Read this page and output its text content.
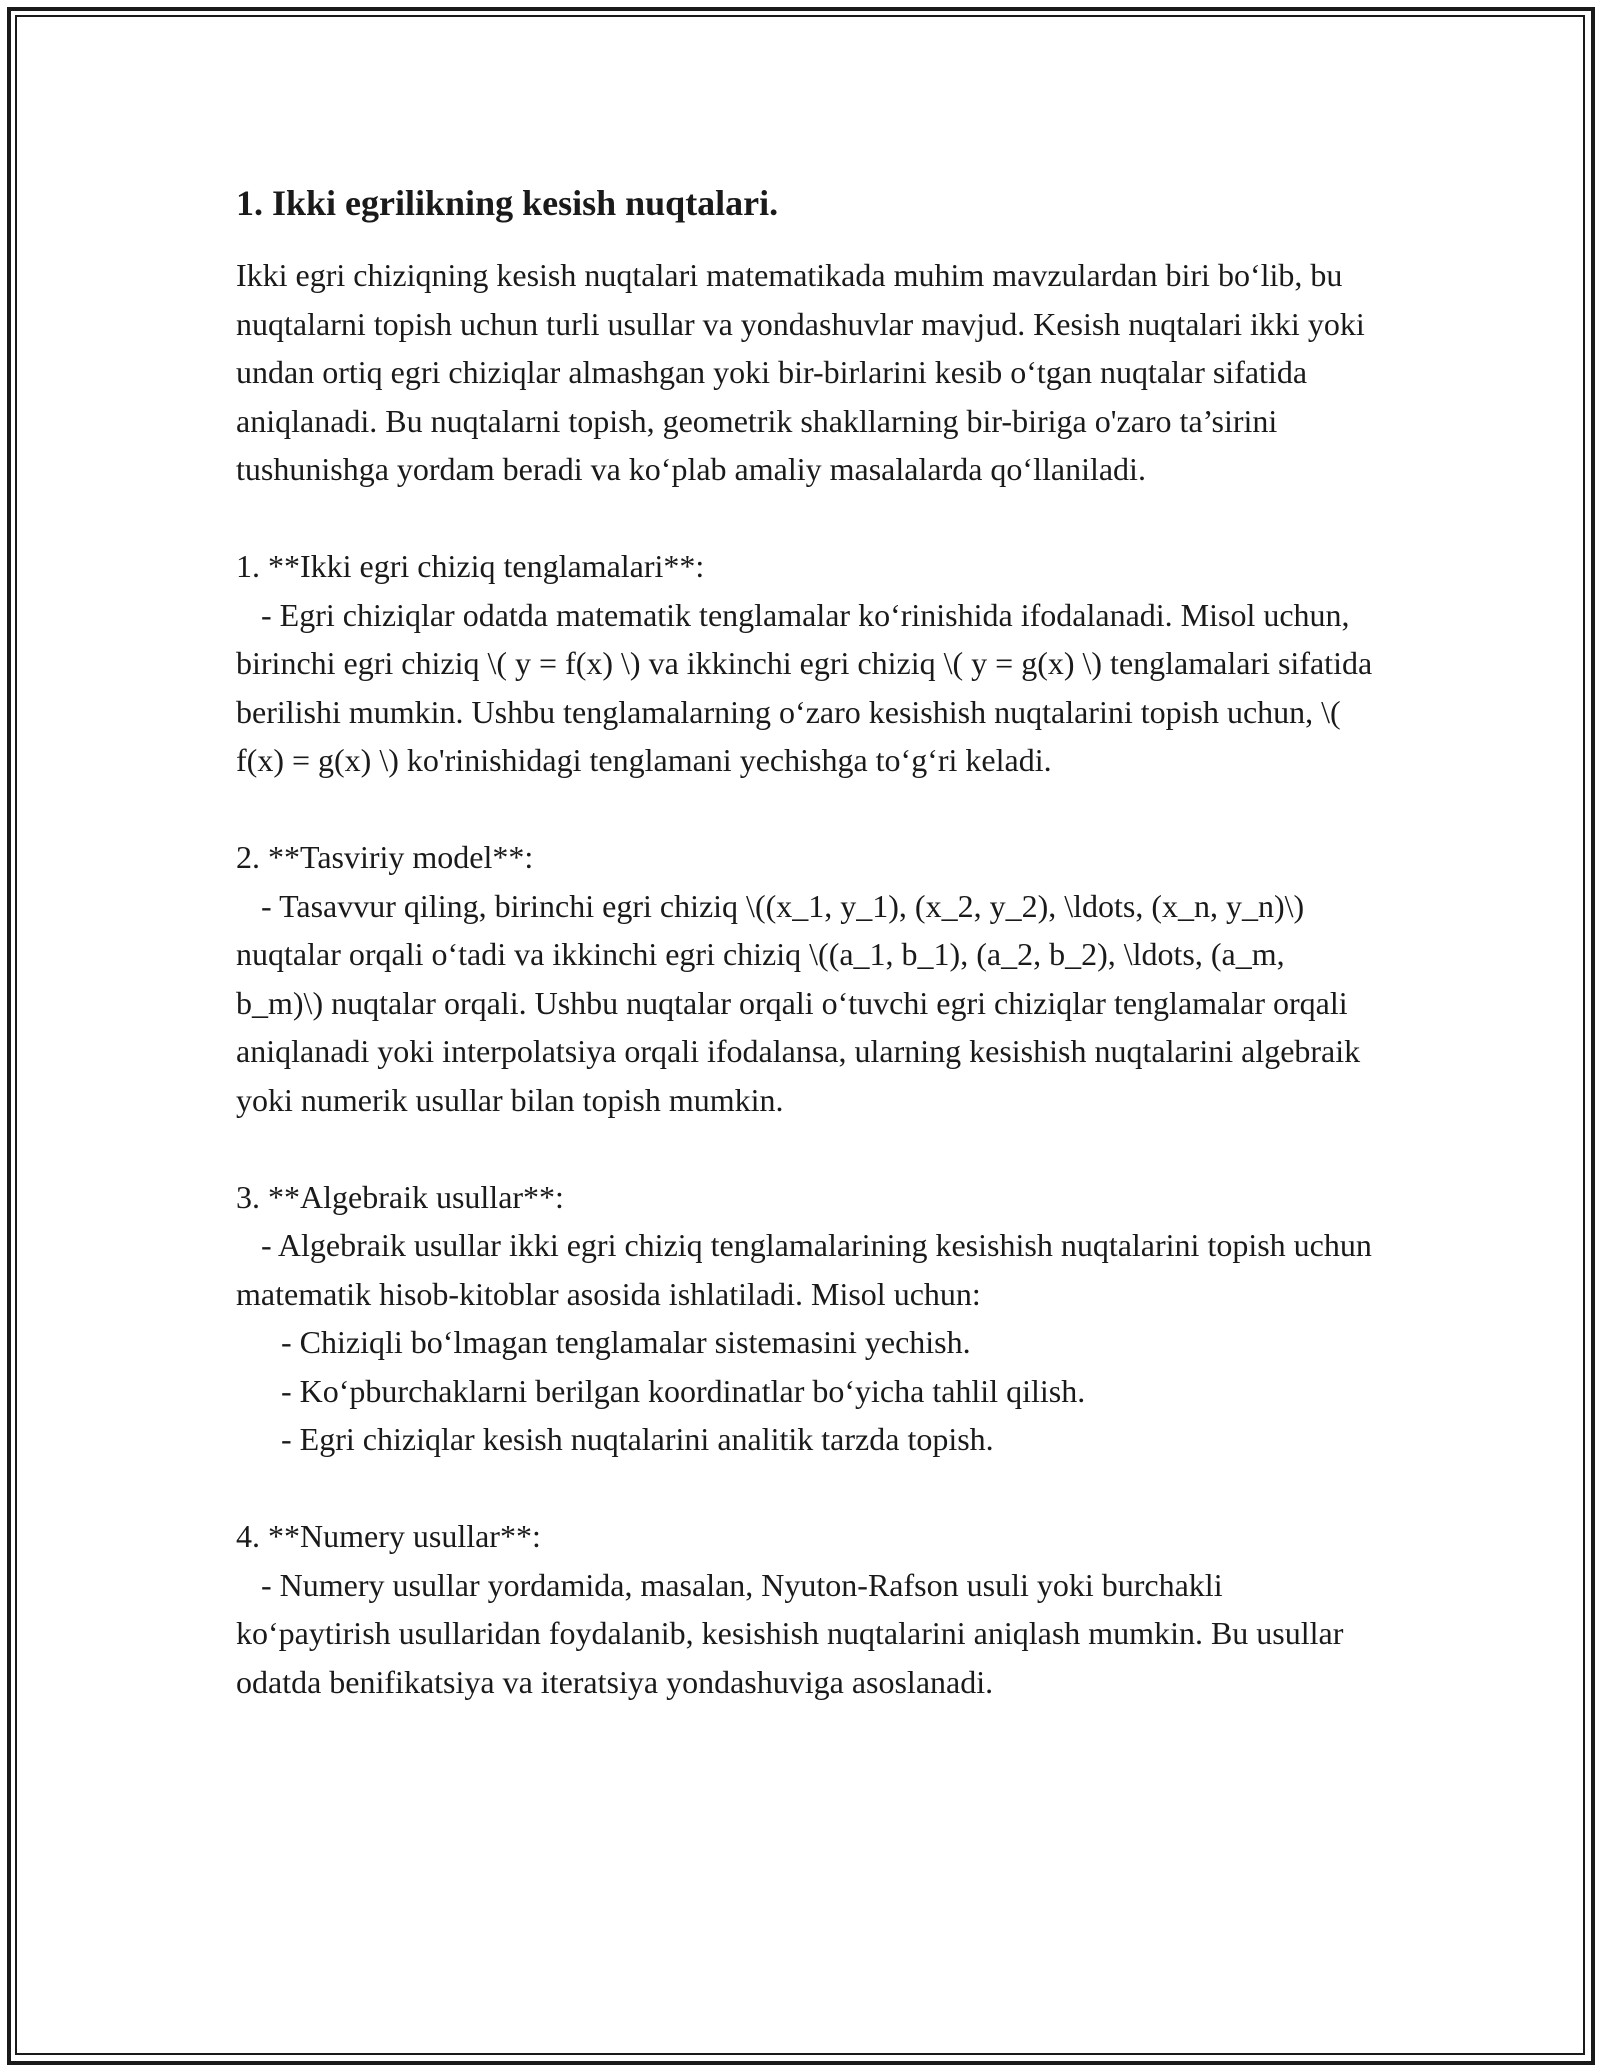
1. Ikki egrilikning kesish nuqtalari.

Ikki egri chiziqning kesish nuqtalari matematikada muhim mavzulardan biri bo‘lib, bu nuqtalarni topish uchun turli usullar va yondashuvlar mavjud. Kesish nuqtalari ikki yoki undan ortiq egri chiziqlar almashgan yoki bir-birlarini kesib o‘tgan nuqtalar sifatida aniqlanadi. Bu nuqtalarni topish, geometrik shakllarning bir-biriga o'zaro ta’sirini tushunishga yordam beradi va ko‘plab amaliy masalalarda qo‘llaniladi.

1. **Ikki egri chiziq tenglamalari**:
- Egri chiziqlar odatda matematik tenglamalar ko‘rinishida ifodalanadi. Misol uchun, birinchi egri chiziq \( y = f(x) \) va ikkinchi egri chiziq \( y = g(x) \) tenglamalari sifatida berilishi mumkin. Ushbu tenglamalarning o‘zaro kesishish nuqtalarini topish uchun, \( f(x) = g(x) \) ko'rinishidagi tenglamani yechishga to‘g‘ri keladi.
2. **Tasviriy model**:
- Tasavvur qiling, birinchi egri chiziq \((x_1, y_1), (x_2, y_2), \ldots, (x_n, y_n)\) nuqtalar orqali o‘tadi va ikkinchi egri chiziq \((a_1, b_1), (a_2, b_2), \ldots, (a_m, b_m)\) nuqtalar orqali. Ushbu nuqtalar orqali o‘tuvchi egri chiziqlar tenglamalar orqali aniqlanadi yoki interpolatsiya orqali ifodalansa, ularning kesishish nuqtalarini algebraik yoki numerik usullar bilan topish mumkin.
3. **Algebraik usullar**:
- Algebraik usullar ikki egri chiziq tenglamalarining kesishish nuqtalarini topish uchun matematik hisob-kitoblar asosida ishlatiladi. Misol uchun:
- Chiziqli bo‘lmagan tenglamalar sistemasini yechish.
- Ko‘pburchaklarni berilgan koordinatlar bo‘yicha tahlil qilish.
- Egri chiziqlar kesish nuqtalarini analitik tarzda topish.
4. **Numery usullar**:
- Numery usullar yordamida, masalan, Nyuton-Rafson usuli yoki burchakli ko‘paytirish usullaridan foydalanib, kesishish nuqtalarini aniqlash mumkin. Bu usullar odatda benifikatsiya va iteratsiya yondashuviga asoslanadi.
